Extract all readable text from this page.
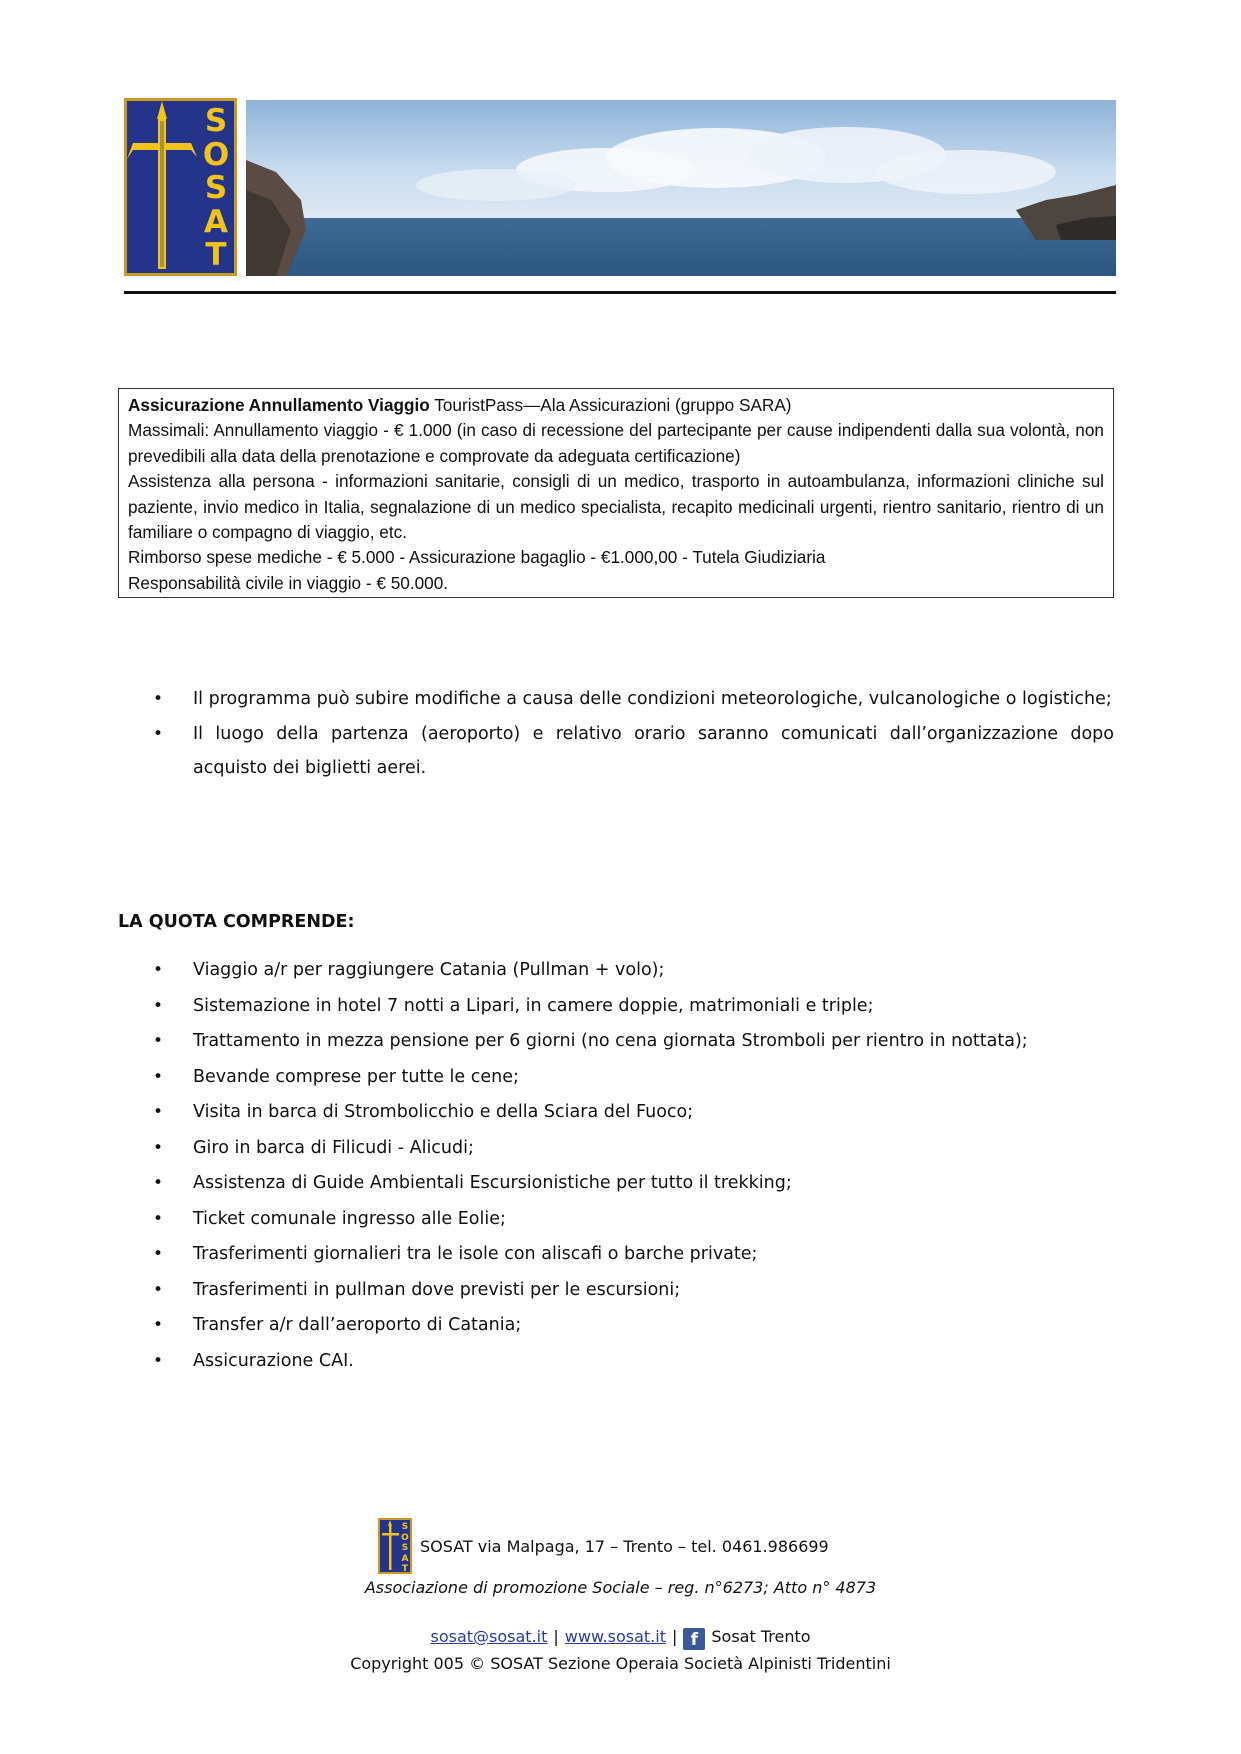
S
O
S
A
T

Assicurazione Annullamento Viaggio TouristPass—Ala Assicurazioni (gruppo SARA)

Massimali: Annullamento viaggio - € 1.000 (in caso di recessione del partecipante per cause indipendenti dalla sua volontà, non prevedibili alla data della prenotazione e comprovate da adeguata certificazione)

Assistenza alla persona - informazioni sanitarie, consigli di un medico, trasporto in autoambulanza, informazioni cliniche sul paziente, invio medico in Italia, segnalazione di un medico specialista, recapito medicinali urgenti, rientro sanitario, rientro di un familiare o compagno di viaggio, etc.

Rimborso spese mediche - € 5.000 - Assicurazione bagaglio - €1.000,00 - Tutela Giudiziaria

Responsabilità civile in viaggio - € 50.000.

• Il programma può subire modifiche a causa delle condizioni meteorologiche, vulcanologiche o logistiche;
• Il luogo della partenza (aeroporto) e relativo orario saranno comunicati dall’organizzazione dopo acquisto dei biglietti aerei.

LA QUOTA COMPRENDE:

• Viaggio a/r per raggiungere Catania (Pullman + volo);
• Sistemazione in hotel 7 notti a Lipari, in camere doppie, matrimoniali e triple;
• Trattamento in mezza pensione per 6 giorni (no cena giornata Stromboli per rientro in nottata);
• Bevande comprese per tutte le cene;
• Visita in barca di Strombolicchio e della Sciara del Fuoco;
• Giro in barca di Filicudi - Alicudi;
• Assistenza di Guide Ambientali Escursionistiche per tutto il trekking;
• Ticket comunale ingresso alle Eolie;
• Trasferimenti giornalieri tra le isole con aliscafi o barche private;
• Trasferimenti in pullman dove previsti per le escursioni;
• Transfer a/r dall’aeroporto di Catania;
• Assicurazione CAI.
S
O
S
A
T
SOSAT via Malpaga, 17 – Trento – tel. 0461.986699
Associazione di promozione Sociale – reg. n°6273; Atto n° 4873
sosat@sosat.it | www.sosat.it | f Sosat Trento
Copyright 005 © SOSAT Sezione Operaia Società Alpinisti Tridentini
